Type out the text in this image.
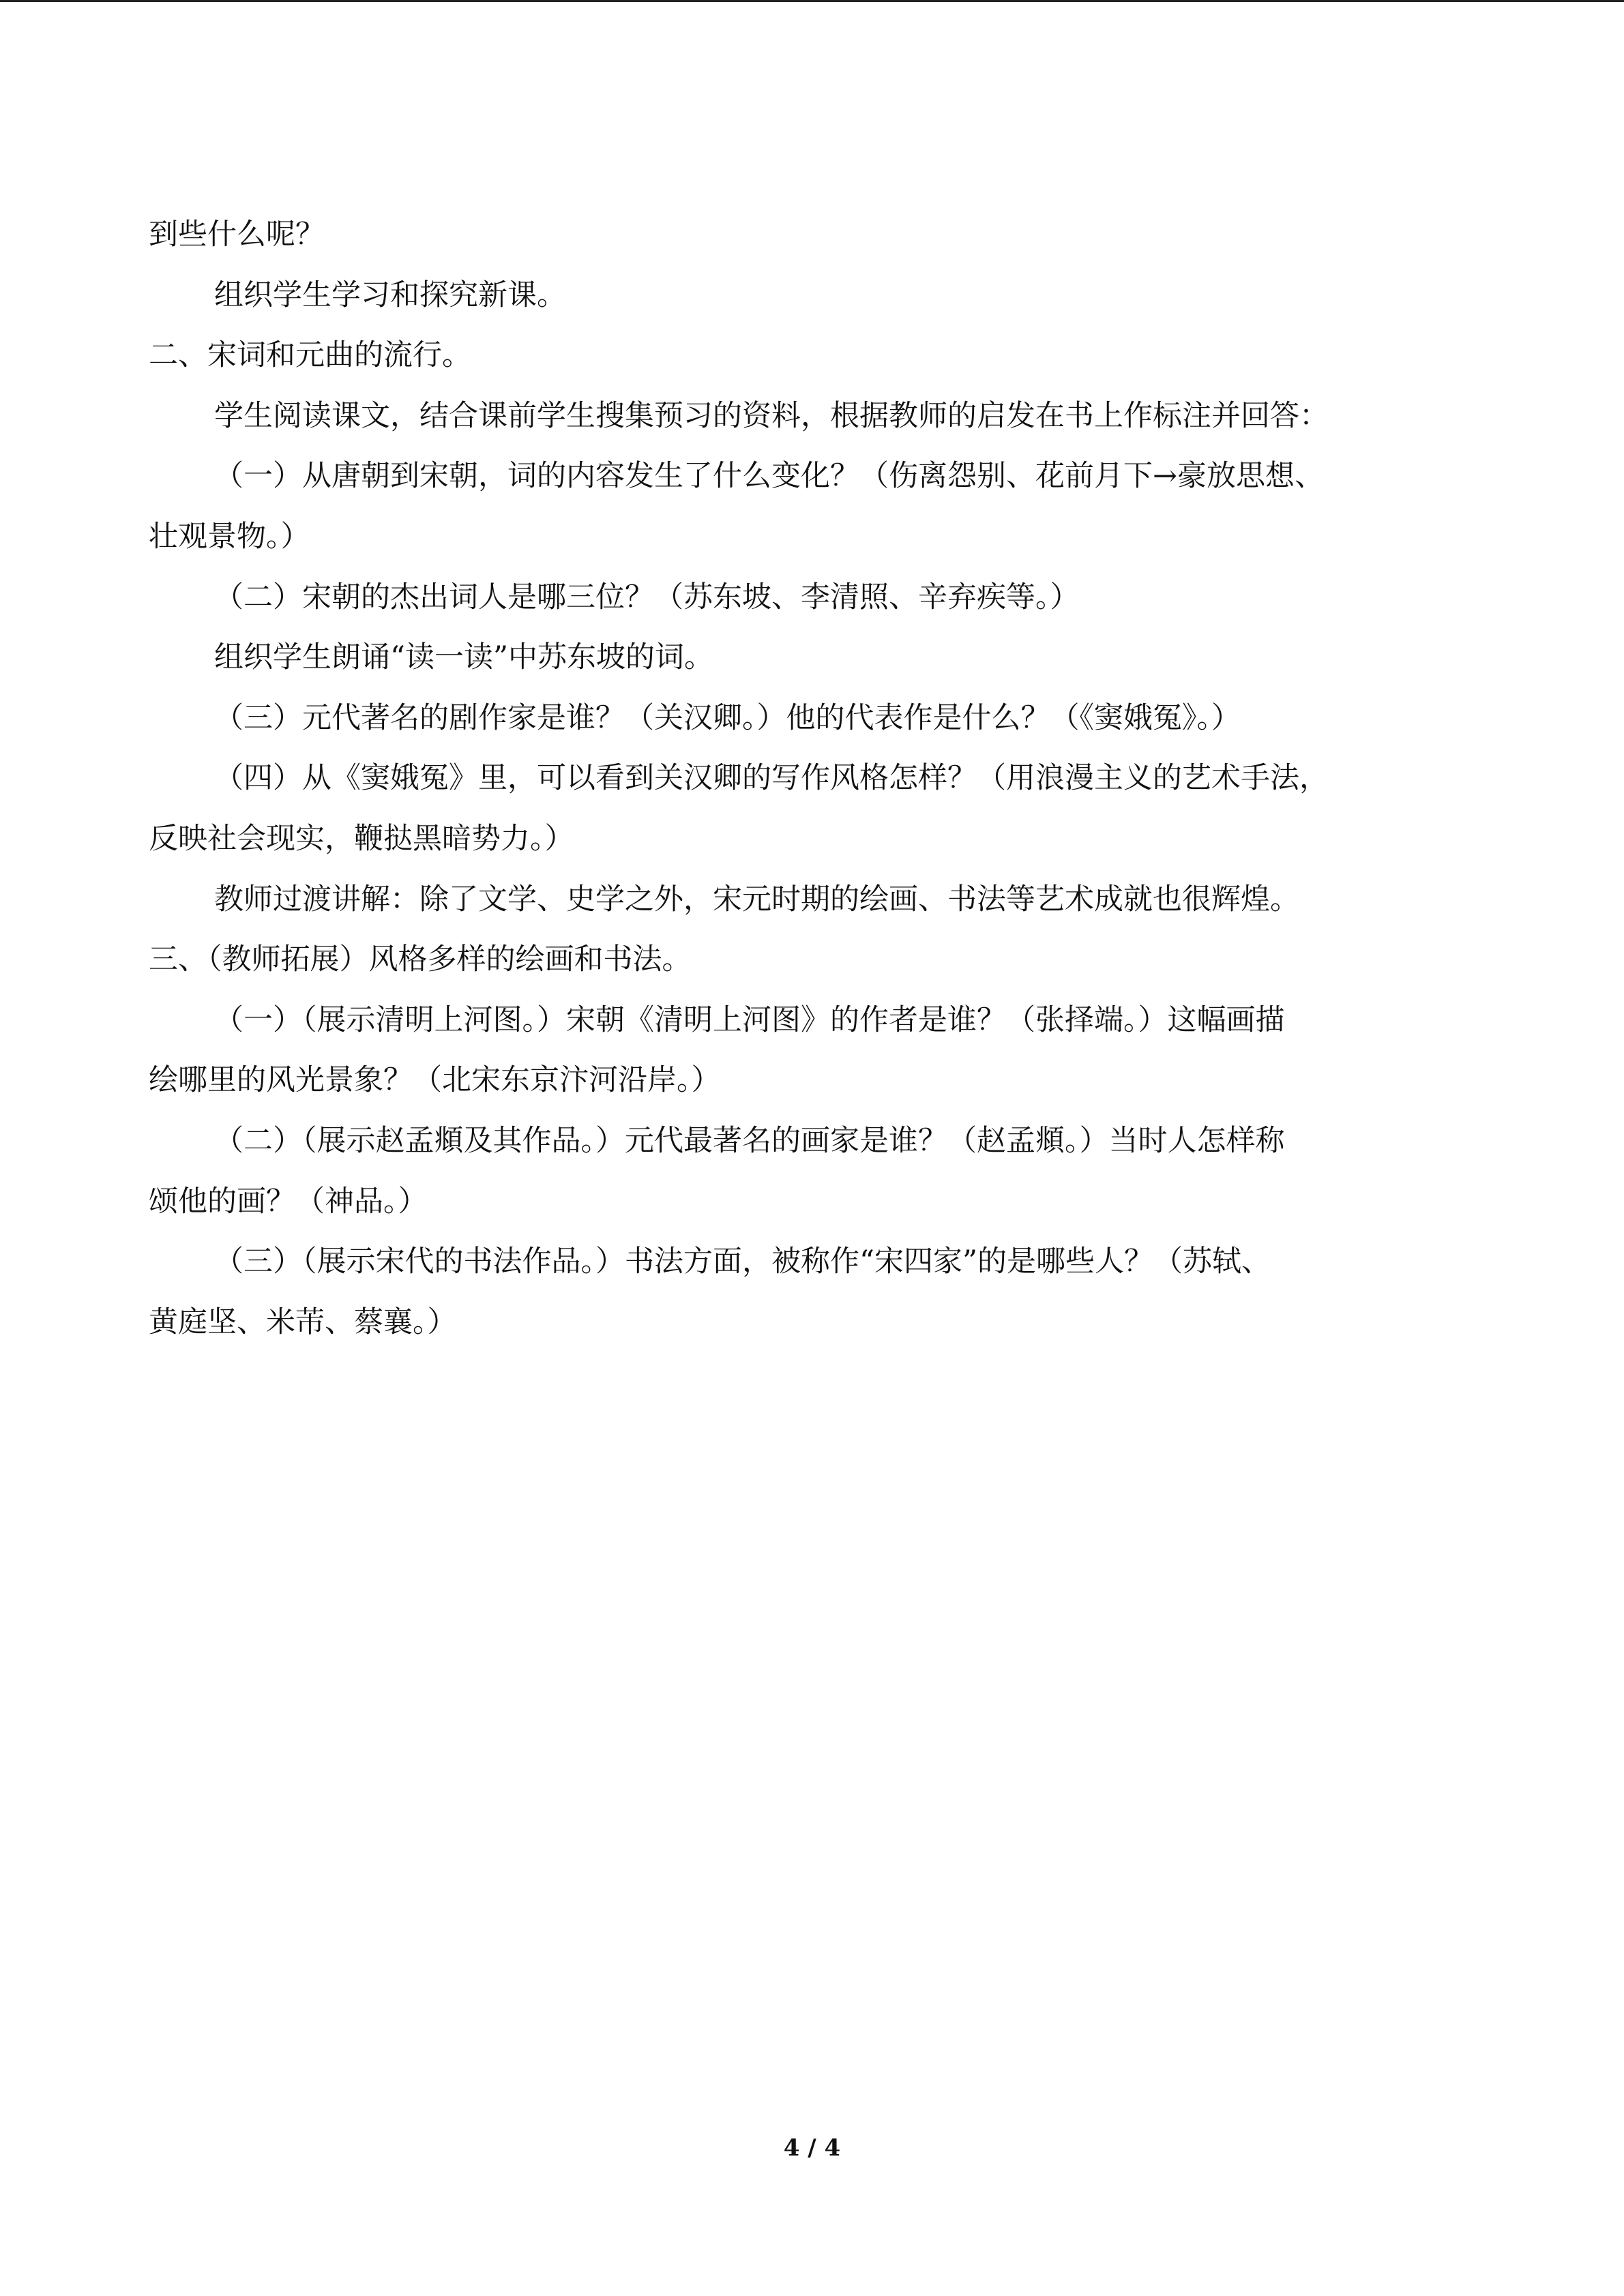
到些什么呢？
组织学生学习和探究新课。
二、宋词和元曲的流行。
学生阅读课文，结合课前学生搜集预习的资料，根据教师的启发在书上作标注并回答：
（一）从唐朝到宋朝，词的内容发生了什么变化？（伤离怨别、花前月下→豪放思想、
壮观景物。）
（二）宋朝的杰出词人是哪三位？（苏东坡、李清照、辛弃疾等。）
组织学生朗诵“读一读”中苏东坡的词。
（三）元代著名的剧作家是谁？（关汉卿。）他的代表作是什么？（《窦娥冤》。）
（四）从《窦娥冤》里，可以看到关汉卿的写作风格怎样？（用浪漫主义的艺术手法，
反映社会现实，鞭挞黑暗势力。）
教师过渡讲解：除了文学、史学之外，宋元时期的绘画、书法等艺术成就也很辉煌。
三、（教师拓展）风格多样的绘画和书法。
（一）（展示清明上河图。）宋朝《清明上河图》的作者是谁？（张择端。）这幅画描
绘哪里的风光景象？（北宋东京汴河沿岸。）
（二）（展示赵孟頫及其作品。）元代最著名的画家是谁？（赵孟頫。）当时人怎样称
颂他的画？（神品。）
（三）（展示宋代的书法作品。）书法方面，被称作“宋四家”的是哪些人？（苏轼、
黄庭坚、米芾、蔡襄。）
4 / 4
